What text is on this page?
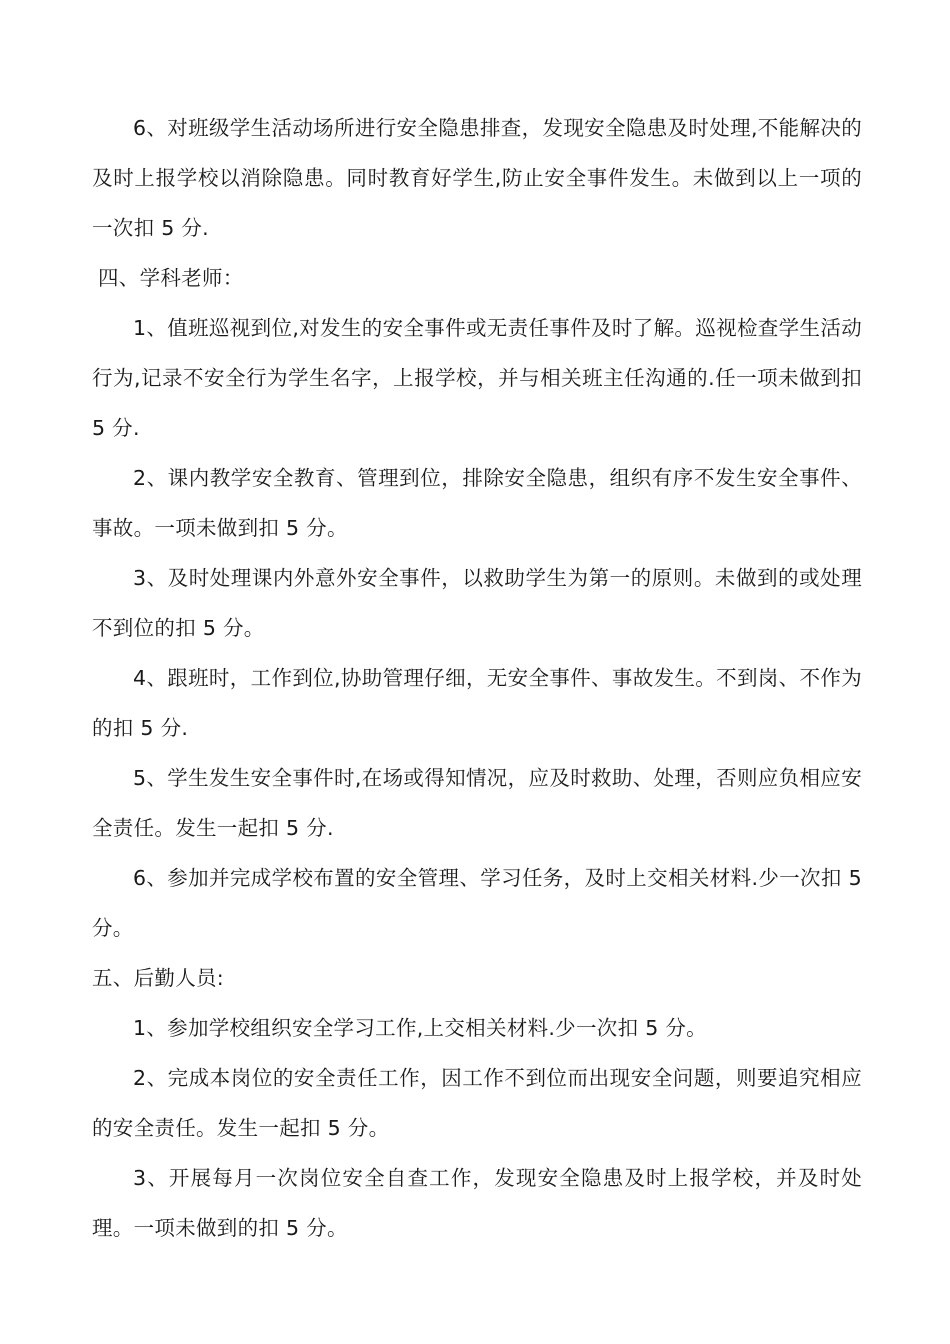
6、对班级学生活动场所进行安全隐患排查，发现安全隐患及时处理,不能解决的及时上报学校以消除隐患。同时教育好学生,防止安全事件发生。未做到以上一项的一次扣 5 分.

四、学科老师：

1、值班巡视到位,对发生的安全事件或无责任事件及时了解。巡视检查学生活动行为,记录不安全行为学生名字，上报学校，并与相关班主任沟通的.任一项未做到扣 5 分.

2、课内教学安全教育、管理到位，排除安全隐患，组织有序不发生安全事件、事故。一项未做到扣 5 分。

3、及时处理课内外意外安全事件，以救助学生为第一的原则。未做到的或处理不到位的扣 5 分。

4、跟班时，工作到位,协助管理仔细，无安全事件、事故发生。不到岗、不作为的扣 5 分.

5、学生发生安全事件时,在场或得知情况，应及时救助、处理，否则应负相应安全责任。发生一起扣 5 分.

6、参加并完成学校布置的安全管理、学习任务，及时上交相关材料.少一次扣 5 分。

五、后勤人员:

1、参加学校组织安全学习工作,上交相关材料.少一次扣 5 分。

2、完成本岗位的安全责任工作，因工作不到位而出现安全问题，则要追究相应的安全责任。发生一起扣 5 分。

3、开展每月一次岗位安全自查工作，发现安全隐患及时上报学校，并及时处理。一项未做到的扣 5 分。
